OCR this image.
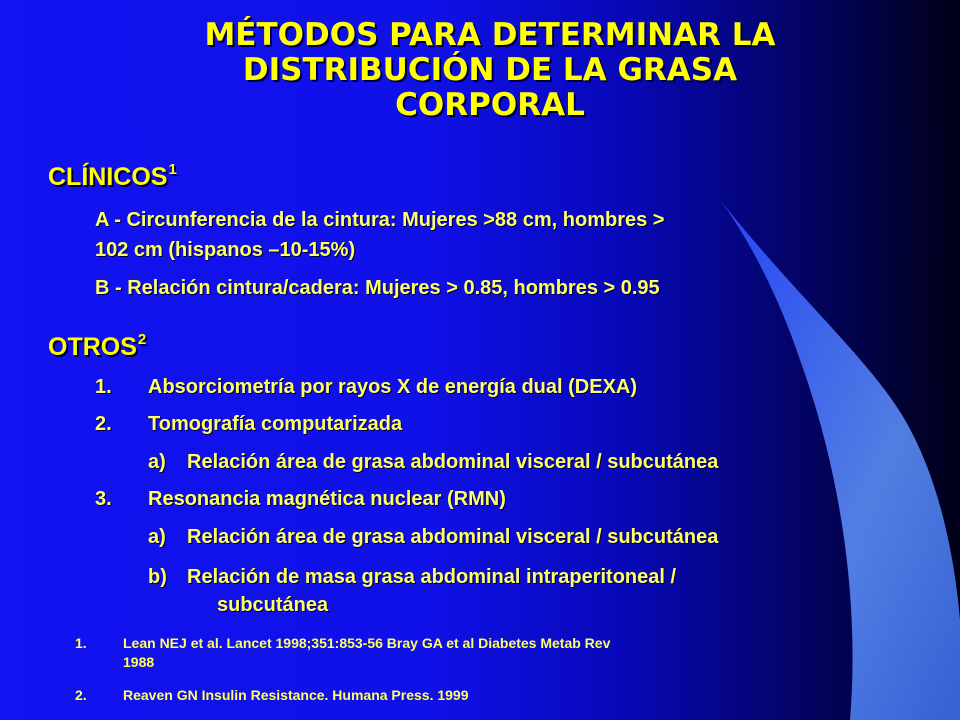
MÉTODOS PARA DETERMINAR LA
DISTRIBUCIÓN DE LA GRASA
CORPORAL
CLÍNICOS$^1$
A - Circunferencia de la cintura: Mujeres >88 cm, hombres >
102 cm (hispanos –10-15%)
B - Relación cintura/cadera: Mujeres > 0.85, hombres > 0.95
OTROS$^2$
1. Absorciometría por rayos X de energía dual (DEXA)
2. Tomografía computarizada
a) Relación área de grasa abdominal visceral / subcutánea
3. Resonancia magnética nuclear (RMN)
a) Relación área de grasa abdominal visceral / subcutánea
b) Relación de masa grasa abdominal intraperitoneal /
subcutánea
1.	Lean NEJ et al. Lancet 1998;351:853-56 Bray GA et al Diabetes Metab Rev
1988
2.	Reaven GN Insulin Resistance. Humana Press. 1999
